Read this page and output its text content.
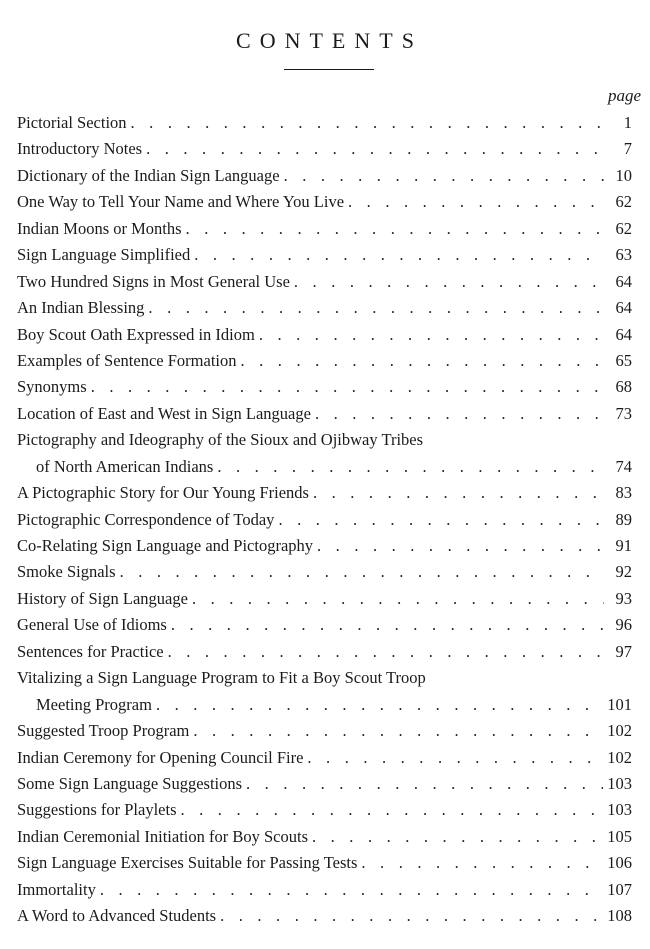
CONTENTS
page
Pictorial Section . . .	1
Introductory Notes . . .	7
Dictionary of the Indian Sign Language . . .	10
One Way to Tell Your Name and Where You Live . . .	62
Indian Moons or Months . . .	62
Sign Language Simplified . . .	63
Two Hundred Signs in Most General Use . . .	64
An Indian Blessing . . .	64
Boy Scout Oath Expressed in Idiom . . .	64
Examples of Sentence Formation . . .	65
Synonyms . . .	68
Location of East and West in Sign Language . . .	73
Pictography and Ideography of the Sioux and Ojibway Tribes
of North American Indians . . .	74
A Pictographic Story for Our Young Friends . . .	83
Pictographic Correspondence of Today . . .	89
Co-Relating Sign Language and Pictography . . .	91
Smoke Signals . . .	92
History of Sign Language . . .	93
General Use of Idioms . . .	96
Sentences for Practice . . .	97
Vitalizing a Sign Language Program to Fit a Boy Scout Troop
Meeting Program . . .	101
Suggested Troop Program . . .	102
Indian Ceremony for Opening Council Fire . . .	102
Some Sign Language Suggestions . . .	103
Suggestions for Playlets . . .	103
Indian Ceremonial Initiation for Boy Scouts . . .	105
Sign Language Exercises Suitable for Passing Tests . . .	106
Immortality . . .	107
A Word to Advanced Students . . .	108
